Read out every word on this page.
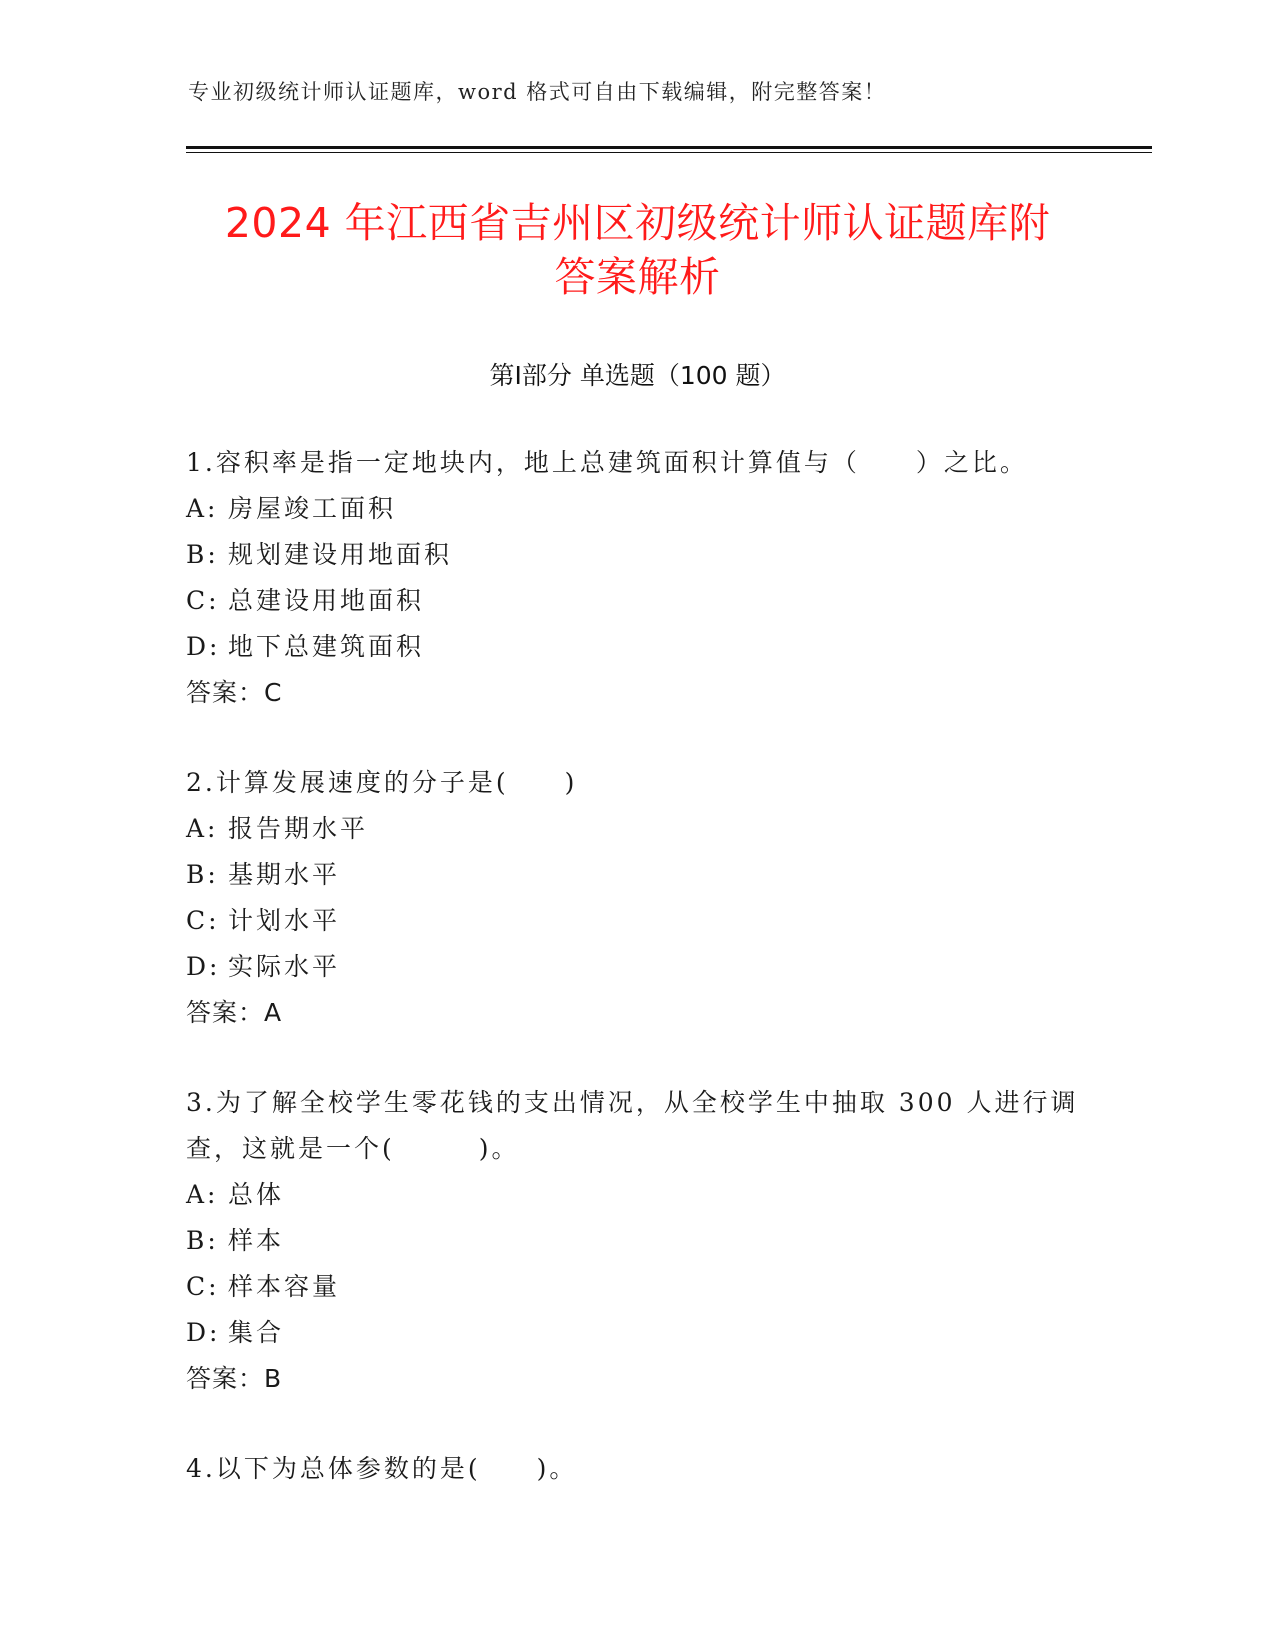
专业初级统计师认证题库，word 格式可自由下载编辑，附完整答案！
2024 年江西省吉州区初级统计师认证题库附
答案解析
第Ⅰ部分 单选题（100 题）
1.容积率是指一定地块内，地上总建筑面积计算值与（　　）之比。
A: 房屋竣工面积
B: 规划建设用地面积
C: 总建设用地面积
D: 地下总建筑面积
答案：C
2.计算发展速度的分子是(　　)
A: 报告期水平
B: 基期水平
C: 计划水平
D: 实际水平
答案：A
3.为了解全校学生零花钱的支出情况，从全校学生中抽取 300 人进行调查，这就是一个(　　　)。
A: 总体
B: 样本
C: 样本容量
D: 集合
答案：B
4.以下为总体参数的是(　　)。
